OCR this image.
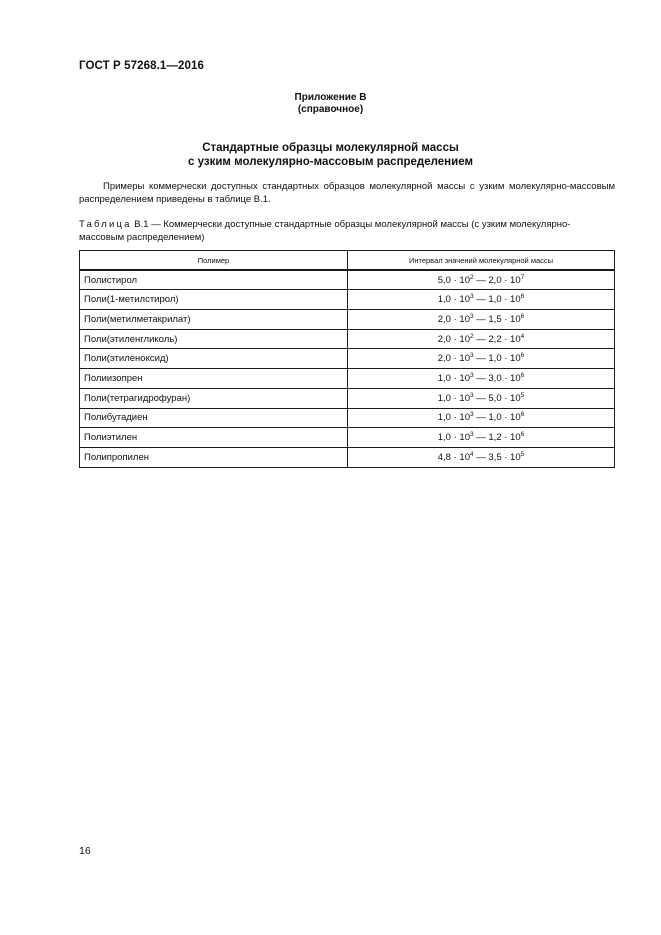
ГОСТ Р 57268.1—2016
Приложение В
(справочное)
Стандартные образцы молекулярной массы
с узким молекулярно-массовым распределением

Примеры коммерчески доступных стандартных образцов молекулярной массы с узким молекулярно-массовым распределением приведены в таблице В.1.

Таблица В.1 — Коммерчески доступные стандартные образцы молекулярной массы (с узким молекулярно-массовым распределением)
Полимер	Интервал значений молекулярной массы
Полистирол	$5,0 \cdot 10^2$ — $2,0 \cdot 10^7$
Поли(1-метилстирол)	$1,0 \cdot 10^3$ — $1,0 \cdot 10^6$
Поли(метилметакрилат)	$2,0 \cdot 10^3$ — $1,5 \cdot 10^6$
Поли(этиленгликоль)	$2,0 \cdot 10^2$ — $2,2 \cdot 10^4$
Поли(этиленоксид)	$2,0 \cdot 10^3$ — $1,0 \cdot 10^6$
Полиизопрен	$1,0 \cdot 10^3$ — $3,0 \cdot 10^6$
Поли(тетрагидрофуран)	$1,0 \cdot 10^3$ — $5,0 \cdot 10^5$
Полибутадиен	$1,0 \cdot 10^3$ — $1,0 \cdot 10^6$
Полиэтилен	$1,0 \cdot 10^3$ — $1,2 \cdot 10^6$
Полипропилен	$4,8 \cdot 10^4$ — $3,5 \cdot 10^5$
16
